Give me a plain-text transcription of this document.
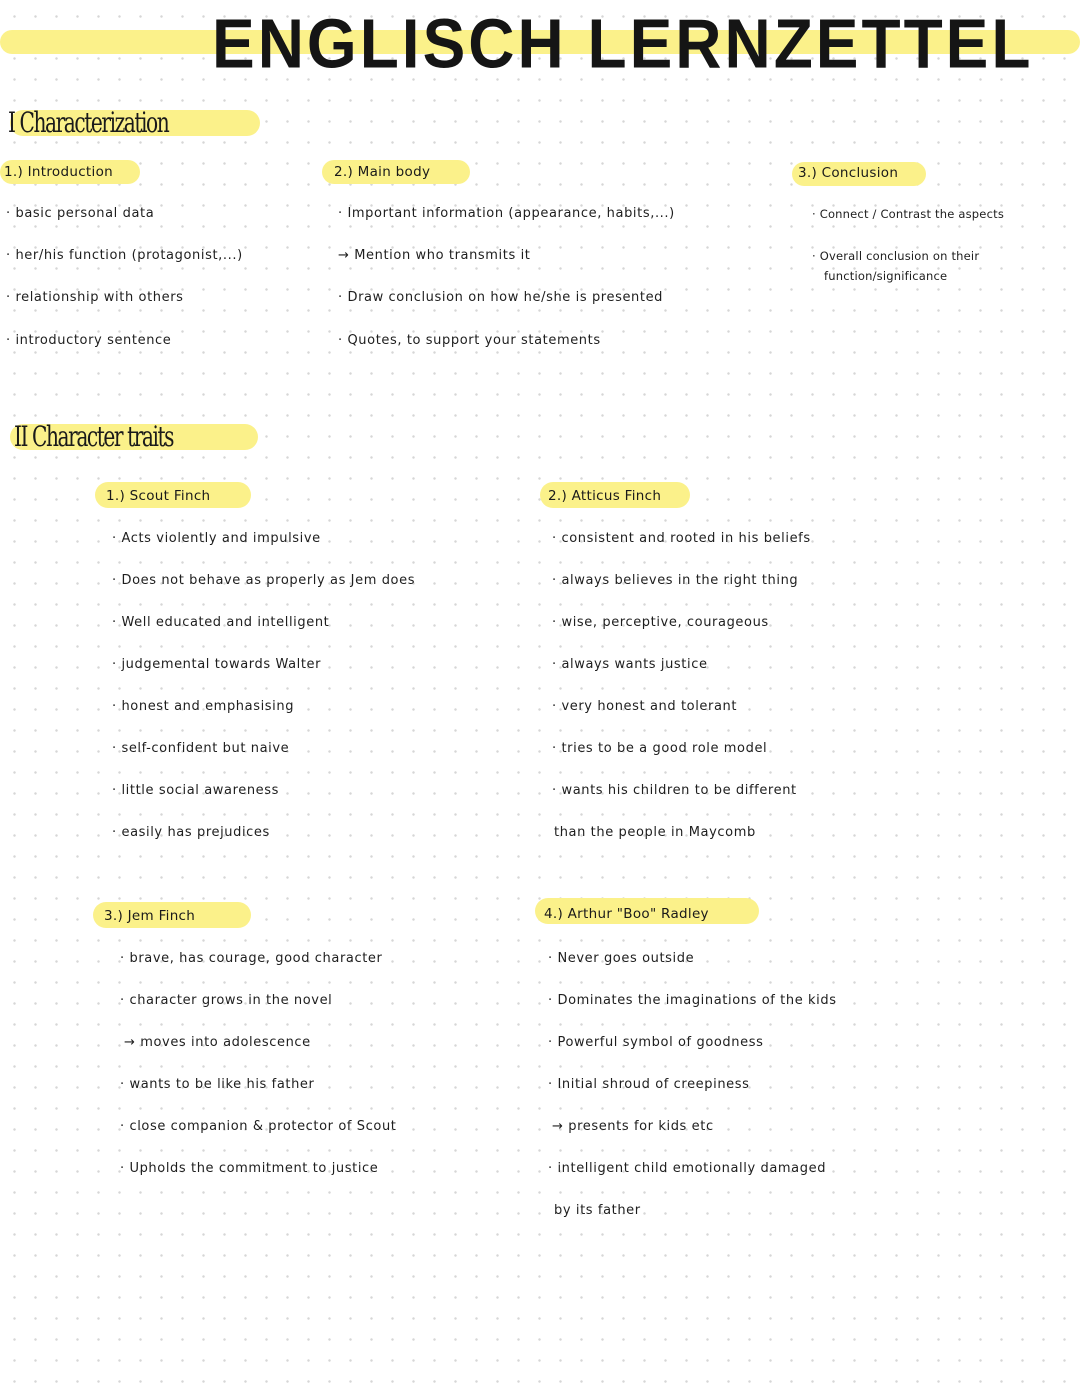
ENGLISCH LERNZETTEL
I Characterization
1.) Introduction
· basic personal data
· her/his function (protagonist,...)
· relationship with others
· introductory sentence
2.) Main body
· Important information (appearance, habits,...)
→ Mention who transmits it
· Draw conclusion on how he/she is presented
· Quotes, to support your statements
3.) Conclusion
· Connect / Contrast the aspects
· Overall conclusion on their
function/significance
II Character traits
1.) Scout Finch
· Acts violently and impulsive
· Does not behave as properly as Jem does
· Well educated and intelligent
· judgemental towards Walter
· honest and emphasising
· self-confident but naive
· little social awareness
· easily has prejudices
2.) Atticus Finch
· consistent and rooted in his beliefs
· always believes in the right thing
· wise, perceptive, courageous
· always wants justice
· very honest and tolerant
· tries to be a good role model
· wants his children to be different
than the people in Maycomb
3.) Jem Finch
· brave, has courage, good character
· character grows in the novel
→ moves into adolescence
· wants to be like his father
· close companion & protector of Scout
· Upholds the commitment to justice
4.) Arthur "Boo" Radley
· Never goes outside
· Dominates the imaginations of the kids
· Powerful symbol of goodness
· Initial shroud of creepiness
→ presents for kids etc
· intelligent child emotionally damaged
by its father
